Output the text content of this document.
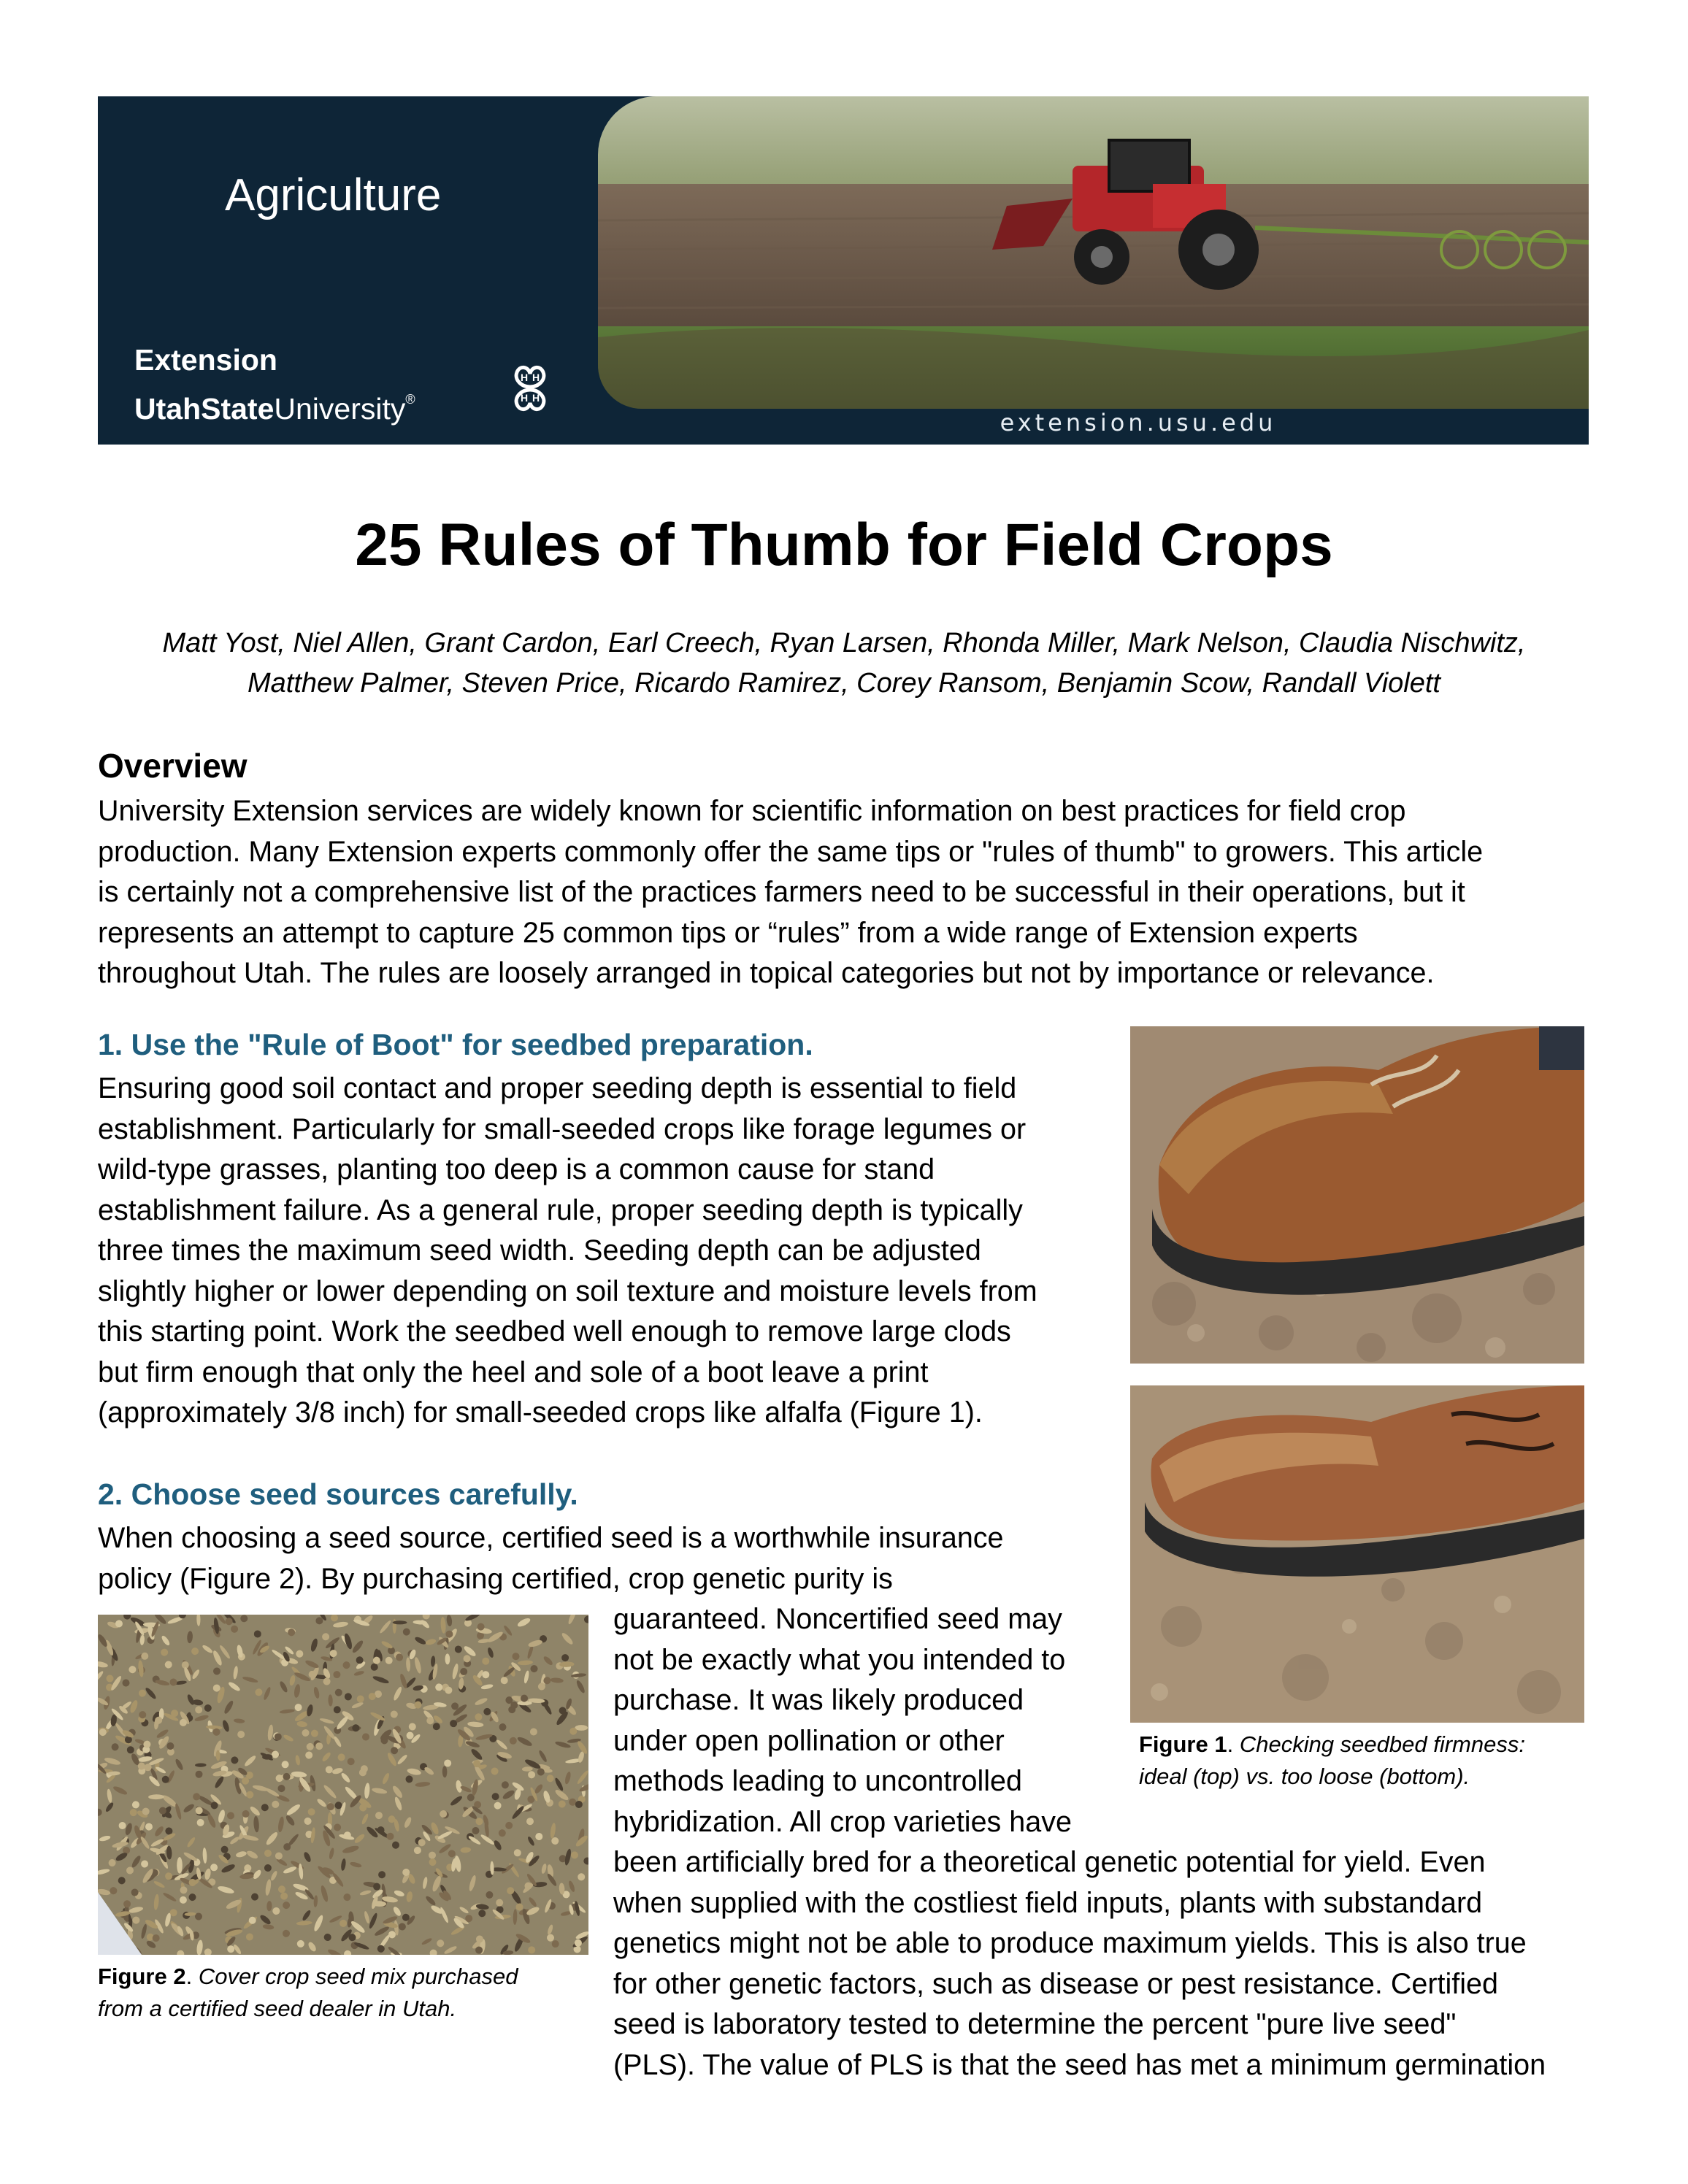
Agriculture
Extension
UtahStateUniversity®
H H
H H
extension.usu.edu
25 Rules of Thumb for Field Crops
Matt Yost, Niel Allen, Grant Cardon, Earl Creech, Ryan Larsen, Rhonda Miller, Mark Nelson, Claudia Nischwitz,
Matthew Palmer, Steven Price, Ricardo Ramirez, Corey Ransom, Benjamin Scow, Randall Violett
Overview
University Extension services are widely known for scientific information on best practices for field crop
production. Many Extension experts commonly offer the same tips or "rules of thumb" to growers. This article
is certainly not a comprehensive list of the practices farmers need to be successful in their operations, but it
represents an attempt to capture 25 common tips or “rules” from a wide range of Extension experts
throughout Utah. The rules are loosely arranged in topical categories but not by importance or relevance.
1. Use the "Rule of Boot" for seedbed preparation.
Ensuring good soil contact and proper seeding depth is essential to field
establishment. Particularly for small-seeded crops like forage legumes or
wild-type grasses, planting too deep is a common cause for stand
establishment failure. As a general rule, proper seeding depth is typically
three times the maximum seed width. Seeding depth can be adjusted
slightly higher or lower depending on soil texture and moisture levels from
this starting point. Work the seedbed well enough to remove large clods
but firm enough that only the heel and sole of a boot leave a print
(approximately 3/8 inch) for small-seeded crops like alfalfa (Figure 1).
Figure 1. Checking seedbed firmness:
ideal (top) vs. too loose (bottom).
2. Choose seed sources carefully.
When choosing a seed source, certified seed is a worthwhile insurance
policy (Figure 2). By purchasing certified, crop genetic purity is
guaranteed. Noncertified seed may
not be exactly what you intended to
purchase. It was likely produced
under open pollination or other
methods leading to uncontrolled
hybridization. All crop varieties have
been artificially bred for a theoretical genetic potential for yield. Even
when supplied with the costliest field inputs, plants with substandard
genetics might not be able to produce maximum yields. This is also true
for other genetic factors, such as disease or pest resistance. Certified
seed is laboratory tested to determine the percent "pure live seed"
(PLS). The value of PLS is that the seed has met a minimum germination
Figure 2. Cover crop seed mix purchased
from a certified seed dealer in Utah.
